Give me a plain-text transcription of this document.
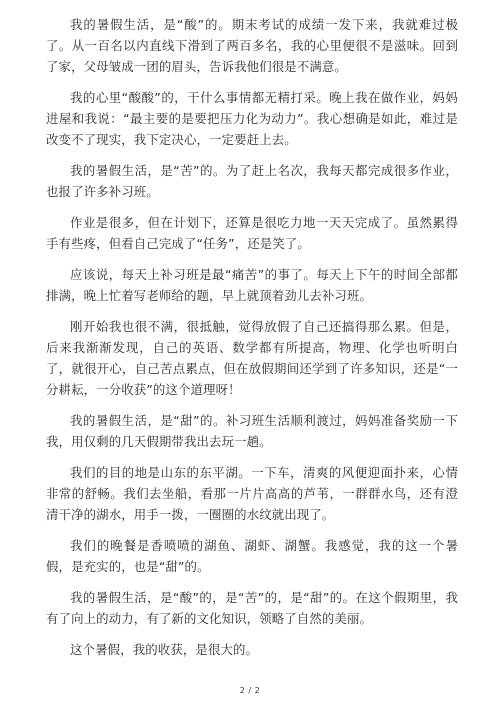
我的暑假生活，是“酸”的。期末考试的成绩一发下来，我就难过极了。从一百名以内直线下滑到了两百多名，我的心里便很不是滋味。回到了家，父母皱成一团的眉头，告诉我他们很是不满意。

我的心里“酸酸”的，干什么事情都无精打采。晚上我在做作业，妈妈进屋和我说：“最主要的是要把压力化为动力”。我心想确是如此，难过是改变不了现实，我下定决心，一定要赶上去。

我的暑假生活，是“苦”的。为了赶上名次，我每天都完成很多作业，也报了许多补习班。

作业是很多，但在计划下，还算是很吃力地一天天完成了。虽然累得手有些疼，但看自己完成了“任务”，还是笑了。

应该说，每天上补习班是最“痛苦”的事了。每天上下午的时间全部都排满，晚上忙着写老师给的题，早上就顶着劲儿去补习班。

刚开始我也很不满，很抵触，觉得放假了自己还搞得那么累。但是，后来我渐渐发现，自己的英语、数学都有所提高，物理、化学也听明白了，就很开心，自己苦点累点，但在放假期间还学到了许多知识，还是“一分耕耘，一分收获”的这个道理呀！

我的暑假生活，是“甜”的。补习班生活顺利渡过，妈妈准备奖励一下我，用仅剩的几天假期带我出去玩一趟。

我们的目的地是山东的东平湖。一下车，清爽的风便迎面扑来，心情非常的舒畅。我们去坐船，看那一片片高高的芦苇，一群群水鸟，还有澄清干净的湖水，用手一拨，一圈圈的水纹就出现了。

我们的晚餐是香喷喷的湖鱼、湖虾、湖蟹。我感觉，我的这一个暑假，是充实的，也是“甜”的。

我的暑假生活，是“酸”的，是“苦”的，是“甜”的。在这个假期里，我有了向上的动力，有了新的文化知识，领略了自然的美丽。

这个暑假，我的收获，是很大的。

2 / 2
